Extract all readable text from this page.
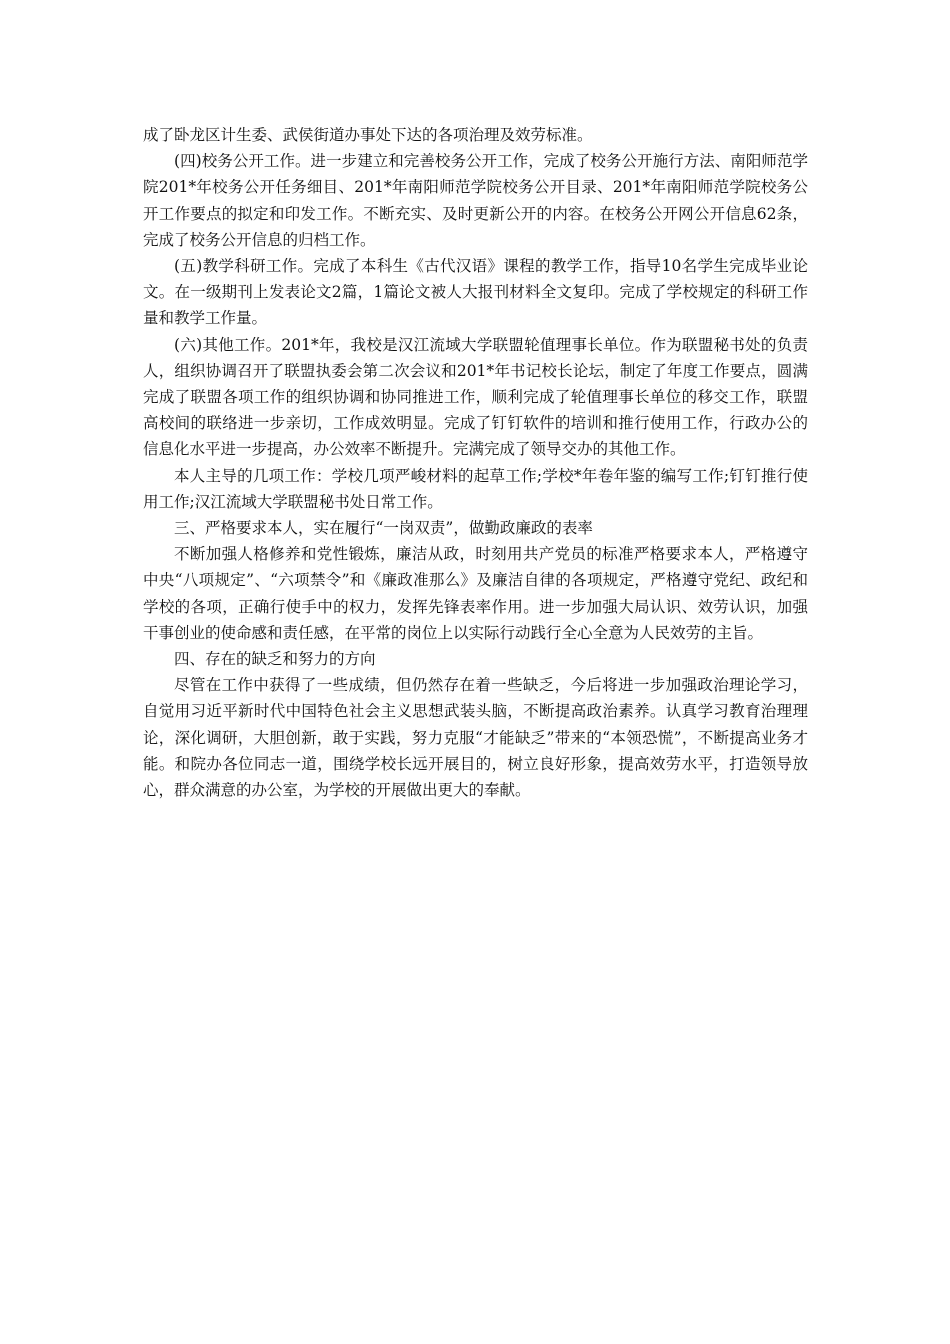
成了卧龙区计生委、武侯街道办事处下达的各项治理及效劳标准。

(四)校务公开工作。进一步建立和完善校务公开工作，完成了校务公开施行方法、南阳师范学院201*年校务公开任务细目、201*年南阳师范学院校务公开目录、201*年南阳师范学院校务公开工作要点的拟定和印发工作。不断充实、及时更新公开的内容。在校务公开网公开信息62条，完成了校务公开信息的归档工作。

(五)教学科研工作。完成了本科生《古代汉语》课程的教学工作，指导10名学生完成毕业论文。在一级期刊上发表论文2篇，1篇论文被人大报刊材料全文复印。完成了学校规定的科研工作量和教学工作量。

(六)其他工作。201*年，我校是汉江流域大学联盟轮值理事长单位。作为联盟秘书处的负责人，组织协调召开了联盟执委会第二次会议和201*年书记校长论坛，制定了年度工作要点，圆满完成了联盟各项工作的组织协调和协同推进工作，顺利完成了轮值理事长单位的移交工作，联盟高校间的联络进一步亲切，工作成效明显。完成了钉钉软件的培训和推行使用工作，行政办公的信息化水平进一步提高，办公效率不断提升。完满完成了领导交办的其他工作。

本人主导的几项工作：学校几项严峻材料的起草工作;学校*年卷年鉴的编写工作;钉钉推行使用工作;汉江流域大学联盟秘书处日常工作。

三、严格要求本人，实在履行“一岗双责”，做勤政廉政的表率

不断加强人格修养和党性锻炼，廉洁从政，时刻用共产党员的标准严格要求本人，严格遵守中央“八项规定”、“六项禁令”和《廉政准那么》及廉洁自律的各项规定，严格遵守党纪、政纪和学校的各项，正确行使手中的权力，发挥先锋表率作用。进一步加强大局认识、效劳认识，加强干事创业的使命感和责任感，在平常的岗位上以实际行动践行全心全意为人民效劳的主旨。

四、存在的缺乏和努力的方向

尽管在工作中获得了一些成绩，但仍然存在着一些缺乏，今后将进一步加强政治理论学习，自觉用习近平新时代中国特色社会主义思想武装头脑，不断提高政治素养。认真学习教育治理理论，深化调研，大胆创新，敢于实践，努力克服“才能缺乏”带来的“本领恐慌”，不断提高业务才能。和院办各位同志一道，围绕学校长远开展目的，树立良好形象，提高效劳水平，打造领导放心，群众满意的办公室，为学校的开展做出更大的奉献。
